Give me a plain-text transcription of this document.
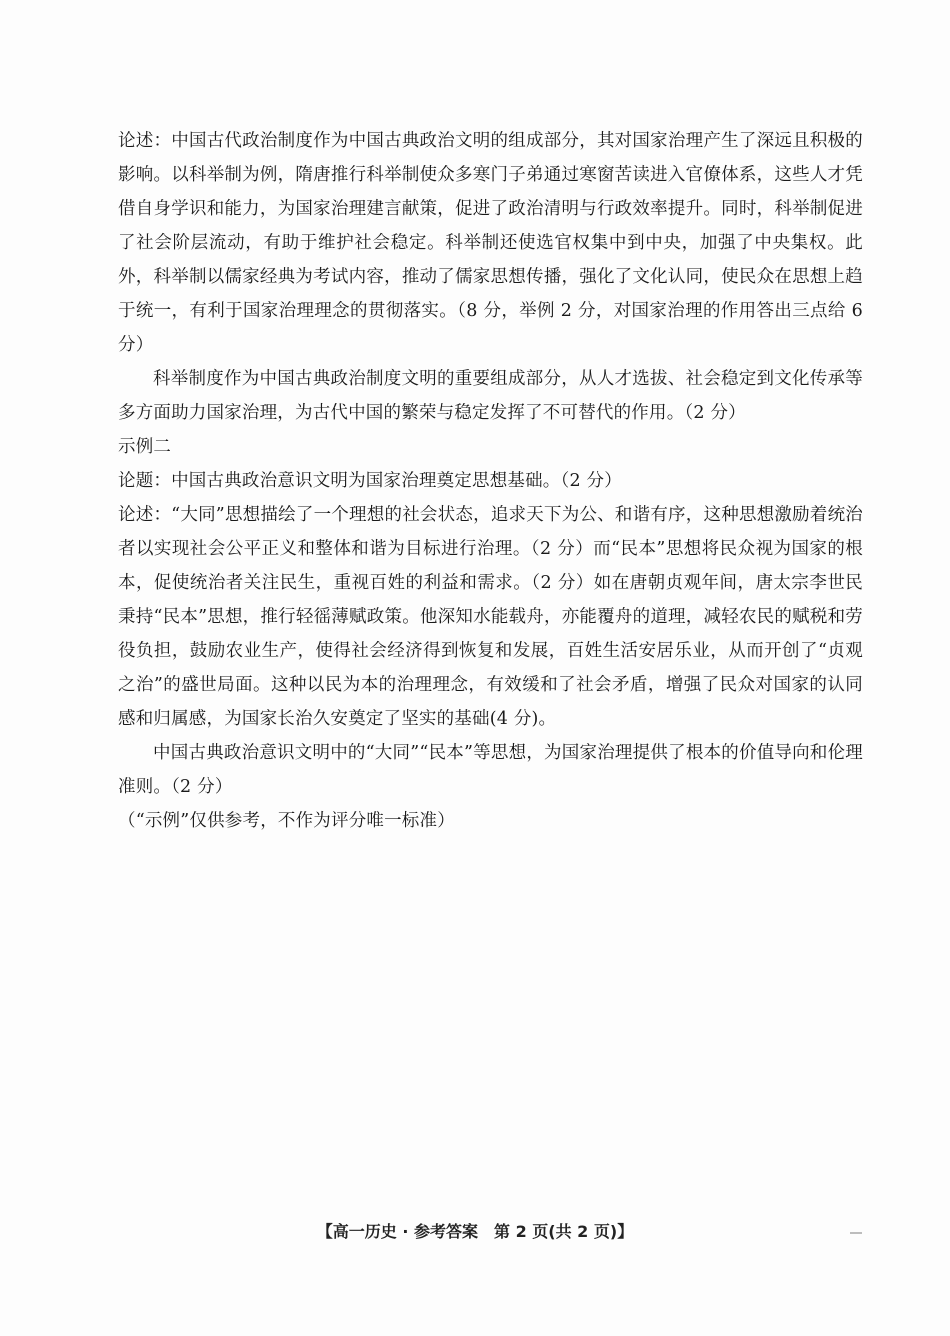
论述：中国古代政治制度作为中国古典政治文明的组成部分，其对国家治理产生了深远且积极的影响。以科举制为例，隋唐推行科举制使众多寒门子弟通过寒窗苦读进入官僚体系，这些人才凭借自身学识和能力，为国家治理建言献策，促进了政治清明与行政效率提升。同时，科举制促进了社会阶层流动，有助于维护社会稳定。科举制还使选官权集中到中央，加强了中央集权。此外，科举制以儒家经典为考试内容，推动了儒家思想传播，强化了文化认同，使民众在思想上趋于统一，有利于国家治理理念的贯彻落实。（8 分，举例 2 分，对国家治理的作用答出三点给 6 分）

科举制度作为中国古典政治制度文明的重要组成部分，从人才选拔、社会稳定到文化传承等多方面助力国家治理，为古代中国的繁荣与稳定发挥了不可替代的作用。（2 分）

示例二

论题：中国古典政治意识文明为国家治理奠定思想基础。（2 分）

论述：“大同”思想描绘了一个理想的社会状态，追求天下为公、和谐有序，这种思想激励着统治者以实现社会公平正义和整体和谐为目标进行治理。（2 分）而“民本”思想将民众视为国家的根本，促使统治者关注民生，重视百姓的利益和需求。（2 分）如在唐朝贞观年间，唐太宗李世民秉持“民本”思想，推行轻徭薄赋政策。他深知水能载舟，亦能覆舟的道理，减轻农民的赋税和劳役负担，鼓励农业生产，使得社会经济得到恢复和发展，百姓生活安居乐业，从而开创了“贞观之治”的盛世局面。这种以民为本的治理理念，有效缓和了社会矛盾，增强了民众对国家的认同感和归属感，为国家长治久安奠定了坚实的基础(4 分)。

中国古典政治意识文明中的“大同”“民本”等思想，为国家治理提供了根本的价值导向和伦理准则。（2 分）

（“示例”仅供参考，不作为评分唯一标准）

【高一历史 · 参考答案　第 2 页(共 2 页)】
